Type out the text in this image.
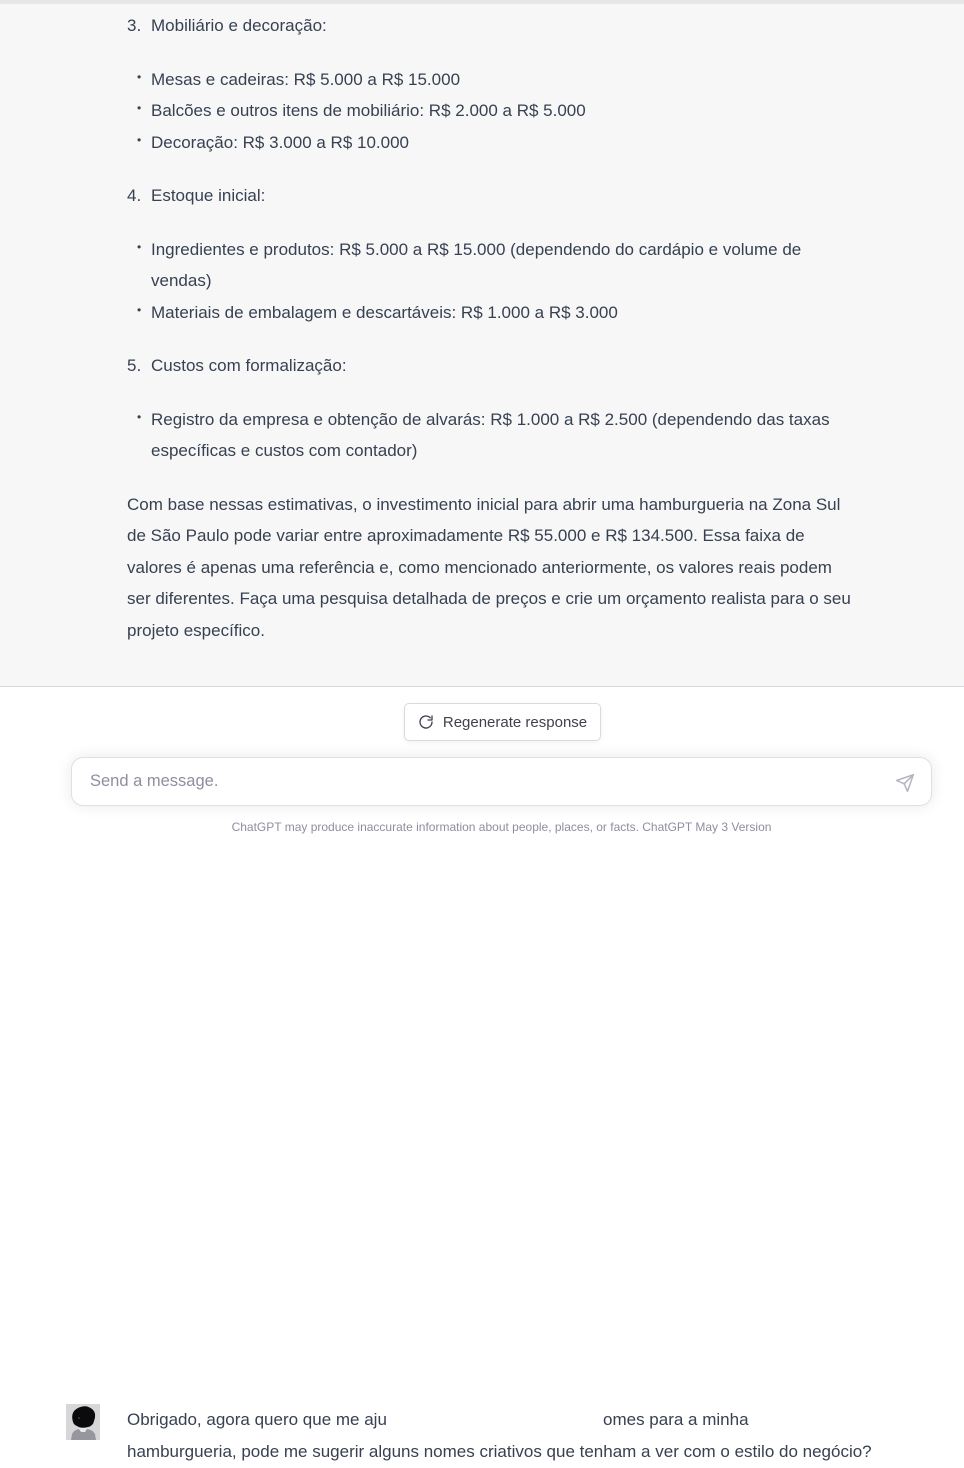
3. Mobiliário e decoração:
• Mesas e cadeiras: R$ 5.000 a R$ 15.000
• Balcões e outros itens de mobiliário: R$ 2.000 a R$ 5.000
• Decoração: R$ 3.000 a R$ 10.000
4. Estoque inicial:
• Ingredientes e produtos: R$ 5.000 a R$ 15.000 (dependendo do cardápio e volume de vendas)
• Materiais de embalagem e descartáveis: R$ 1.000 a R$ 3.000
5. Custos com formalização:
• Registro da empresa e obtenção de alvarás: R$ 1.000 a R$ 2.500 (dependendo das taxas específicas e custos com contador)

Com base nessas estimativas, o investimento inicial para abrir uma hamburgueria na Zona Sul de São Paulo pode variar entre aproximadamente R$ 55.000 e R$ 134.500. Essa faixa de valores é apenas uma referência e, como mencionado anteriormente, os valores reais podem ser diferentes. Faça uma pesquisa detalhada de preços e crie um orçamento realista para o seu projeto específico.

Obrigado, agora quero que me aju	omes para a minha
hamburgueria, pode me sugerir alguns nomes criativos que tenham a ver com o estilo do negócio?
Regenerate response
Send a message.
ChatGPT may produce inaccurate information about people, places, or facts. ChatGPT May 3 Version
